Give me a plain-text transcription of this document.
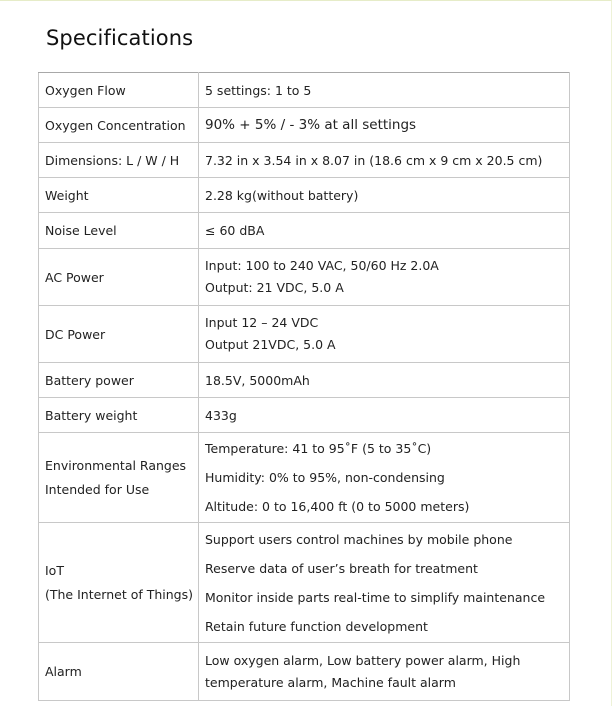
Specifications
Oxygen Flow	5 settings: 1 to 5

Oxygen Concentration	90% + 5% / - 3% at all settings

Dimensions: L / W / H	7.32 in x 3.54 in x 8.07 in (18.6 cm x 9 cm x 20.5 cm)

Weight	2.28 kg(without battery)

Noise Level	≤ 60 dBA

AC Power	Input: 100 to 240 VAC, 50/60 Hz 2.0A
Output: 21 VDC, 5.0 A

DC Power	Input 12 – 24 VDC
Output 21VDC, 5.0 A

Battery power	18.5V, 5000mAh

Battery weight	433g

Environmental Ranges
Intended for Use	Temperature: 41 to 95˚F (5 to 35˚C)
Humidity: 0% to 95%, non-condensing
Altitude: 0 to 16,400 ft (0 to 5000 meters)

IoT
(The Internet of Things)	Support users control machines by mobile phone
Reserve data of user’s breath for treatment
Monitor inside parts real-time to simplify maintenance
Retain future function development

Alarm	Low oxygen alarm, Low battery power alarm, High temperature alarm, Machine fault alarm
